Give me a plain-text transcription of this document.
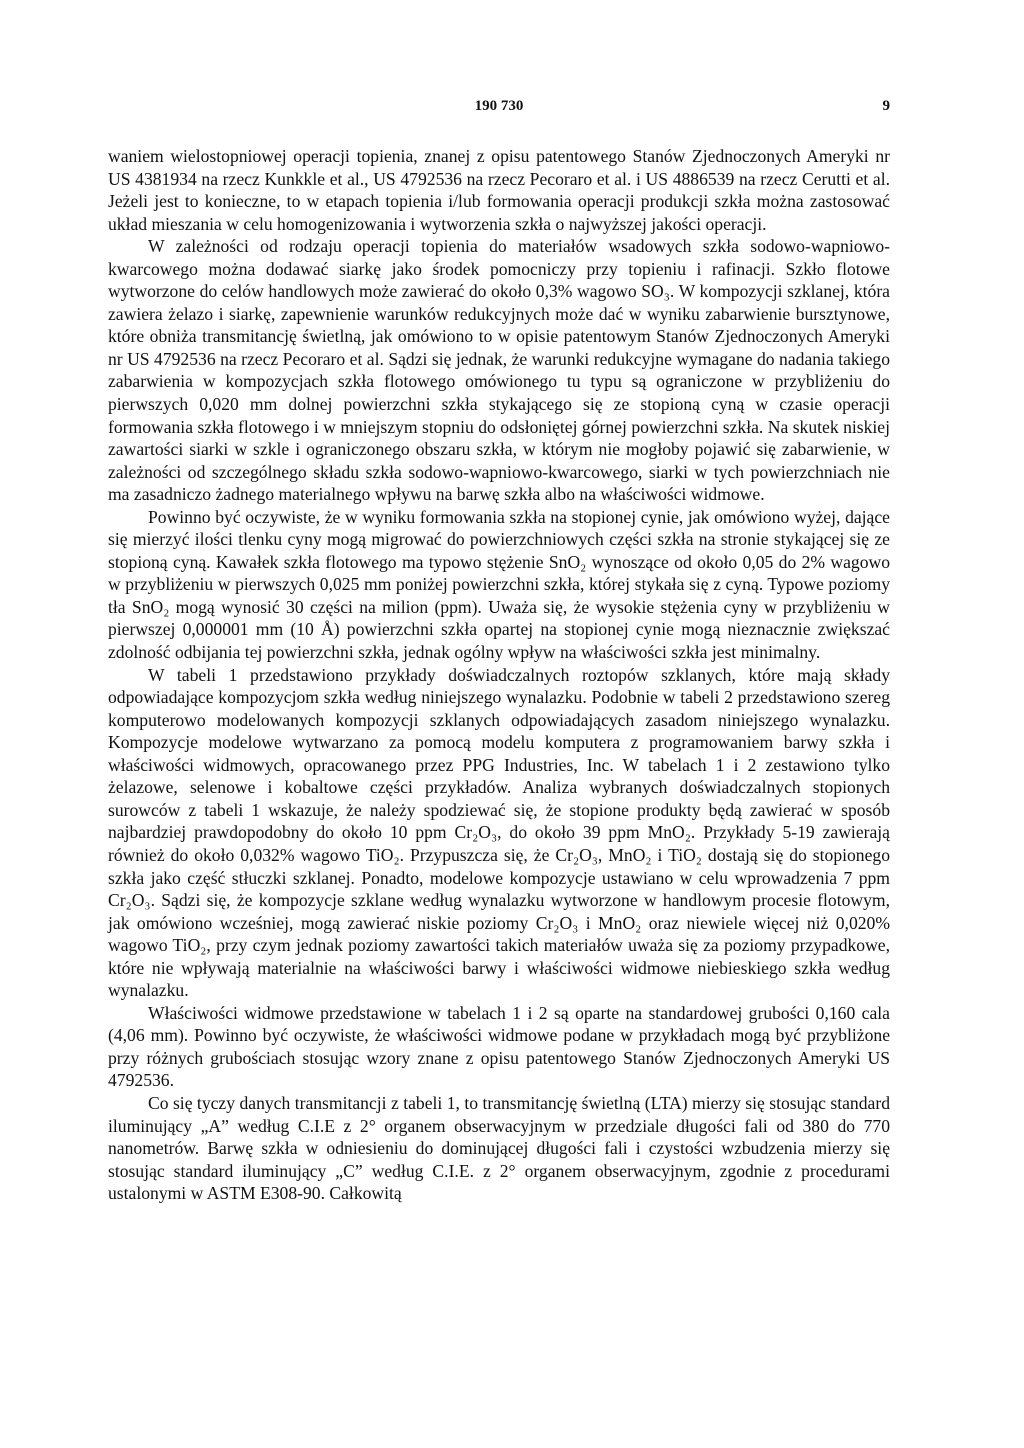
190 730	9

waniem wielostopniowej operacji topienia, znanej z opisu patentowego Stanów Zjednoczonych Ameryki nr US 4381934 na rzecz Kunkkle et al., US 4792536 na rzecz Pecoraro et al. i US 4886539 na rzecz Cerutti et al. Jeżeli jest to konieczne, to w etapach topienia i/lub formowania operacji produkcji szkła można zastosować układ mieszania w celu homogenizowania i wytworzenia szkła o najwyższej jakości operacji.

W zależności od rodzaju operacji topienia do materiałów wsadowych szkła sodowo-wapniowo-kwarcowego można dodawać siarkę jako środek pomocniczy przy topieniu i rafinacji. Szkło flotowe wytworzone do celów handlowych może zawierać do około 0,3% wagowo SO₃. W kompozycji szklanej, która zawiera żelazo i siarkę, zapewnienie warunków redukcyjnych może dać w wyniku zabarwienie bursztynowe, które obniża transmitancję świetlną, jak omówiono to w opisie patentowym Stanów Zjednoczonych Ameryki nr US 4792536 na rzecz Pecoraro et al. Sądzi się jednak, że warunki redukcyjne wymagane do nadania takiego zabarwienia w kompozycjach szkła flotowego omówionego tu typu są ograniczone w przybliżeniu do pierwszych 0,020 mm dolnej powierzchni szkła stykającego się ze stopioną cyną w czasie operacji formowania szkła flotowego i w mniejszym stopniu do odsłoniętej górnej powierzchni szkła. Na skutek niskiej zawartości siarki w szkle i ograniczonego obszaru szkła, w którym nie mogłoby pojawić się zabarwienie, w zależności od szczególnego składu szkła sodowo-wapniowo-kwarcowego, siarki w tych powierzchniach nie ma zasadniczo żadnego materialnego wpływu na barwę szkła albo na właściwości widmowe.

Powinno być oczywiste, że w wyniku formowania szkła na stopionej cynie, jak omówiono wyżej, dające się mierzyć ilości tlenku cyny mogą migrować do powierzchniowych części szkła na stronie stykającej się ze stopioną cyną. Kawałek szkła flotowego ma typowo stężenie SnO₂ wynoszące od około 0,05 do 2% wagowo w przybliżeniu w pierwszych 0,025 mm poniżej powierzchni szkła, której stykała się z cyną. Typowe poziomy tła SnO₂ mogą wynosić 30 części na milion (ppm). Uważa się, że wysokie stężenia cyny w przybliżeniu w pierwszej 0,000001 mm (10 Å) powierzchni szkła opartej na stopionej cynie mogą nieznacznie zwiększać zdolność odbijania tej powierzchni szkła, jednak ogólny wpływ na właściwości szkła jest minimalny.

W tabeli 1 przedstawiono przykłady doświadczalnych roztopów szklanych, które mają składy odpowiadające kompozycjom szkła według niniejszego wynalazku. Podobnie w tabeli 2 przedstawiono szereg komputerowo modelowanych kompozycji szklanych odpowiadających zasadom niniejszego wynalazku. Kompozycje modelowe wytwarzano za pomocą modelu komputera z programowaniem barwy szkła i właściwości widmowych, opracowanego przez PPG Industries, Inc. W tabelach 1 i 2 zestawiono tylko żelazowe, selenowe i kobaltowe części przykładów. Analiza wybranych doświadczalnych stopionych surowców z tabeli 1 wskazuje, że należy spodziewać się, że stopione produkty będą zawierać w sposób najbardziej prawdopodobny do około 10 ppm Cr₂O₃, do około 39 ppm MnO₂. Przykłady 5-19 zawierają również do około 0,032% wagowo TiO₂. Przypuszcza się, że Cr₂O₃, MnO₂ i TiO₂ dostają się do stopionego szkła jako część stłuczki szklanej. Ponadto, modelowe kompozycje ustawiano w celu wprowadzenia 7 ppm Cr₂O₃. Sądzi się, że kompozycje szklane według wynalazku wytworzone w handlowym procesie flotowym, jak omówiono wcześniej, mogą zawierać niskie poziomy Cr₂O₃ i MnO₂ oraz niewiele więcej niż 0,020% wagowo TiO₂, przy czym jednak poziomy zawartości takich materiałów uważa się za poziomy przypadkowe, które nie wpływają materialnie na właściwości barwy i właściwości widmowe niebieskiego szkła według wynalazku.

Właściwości widmowe przedstawione w tabelach 1 i 2 są oparte na standardowej grubości 0,160 cala (4,06 mm). Powinno być oczywiste, że właściwości widmowe podane w przykładach mogą być przybliżone przy różnych grubościach stosując wzory znane z opisu patentowego Stanów Zjednoczonych Ameryki US 4792536.

Co się tyczy danych transmitancji z tabeli 1, to transmitancję świetlną (LTA) mierzy się stosując standard iluminujący „A” według C.I.E z 2° organem obserwacyjnym w przedziale długości fali od 380 do 770 nanometrów. Barwę szkła w odniesieniu do dominującej długości fali i czystości wzbudzenia mierzy się stosując standard iluminujący „C” według C.I.E. z 2° organem obserwacyjnym, zgodnie z procedurami ustalonymi w ASTM E308-90. Całkowitą
